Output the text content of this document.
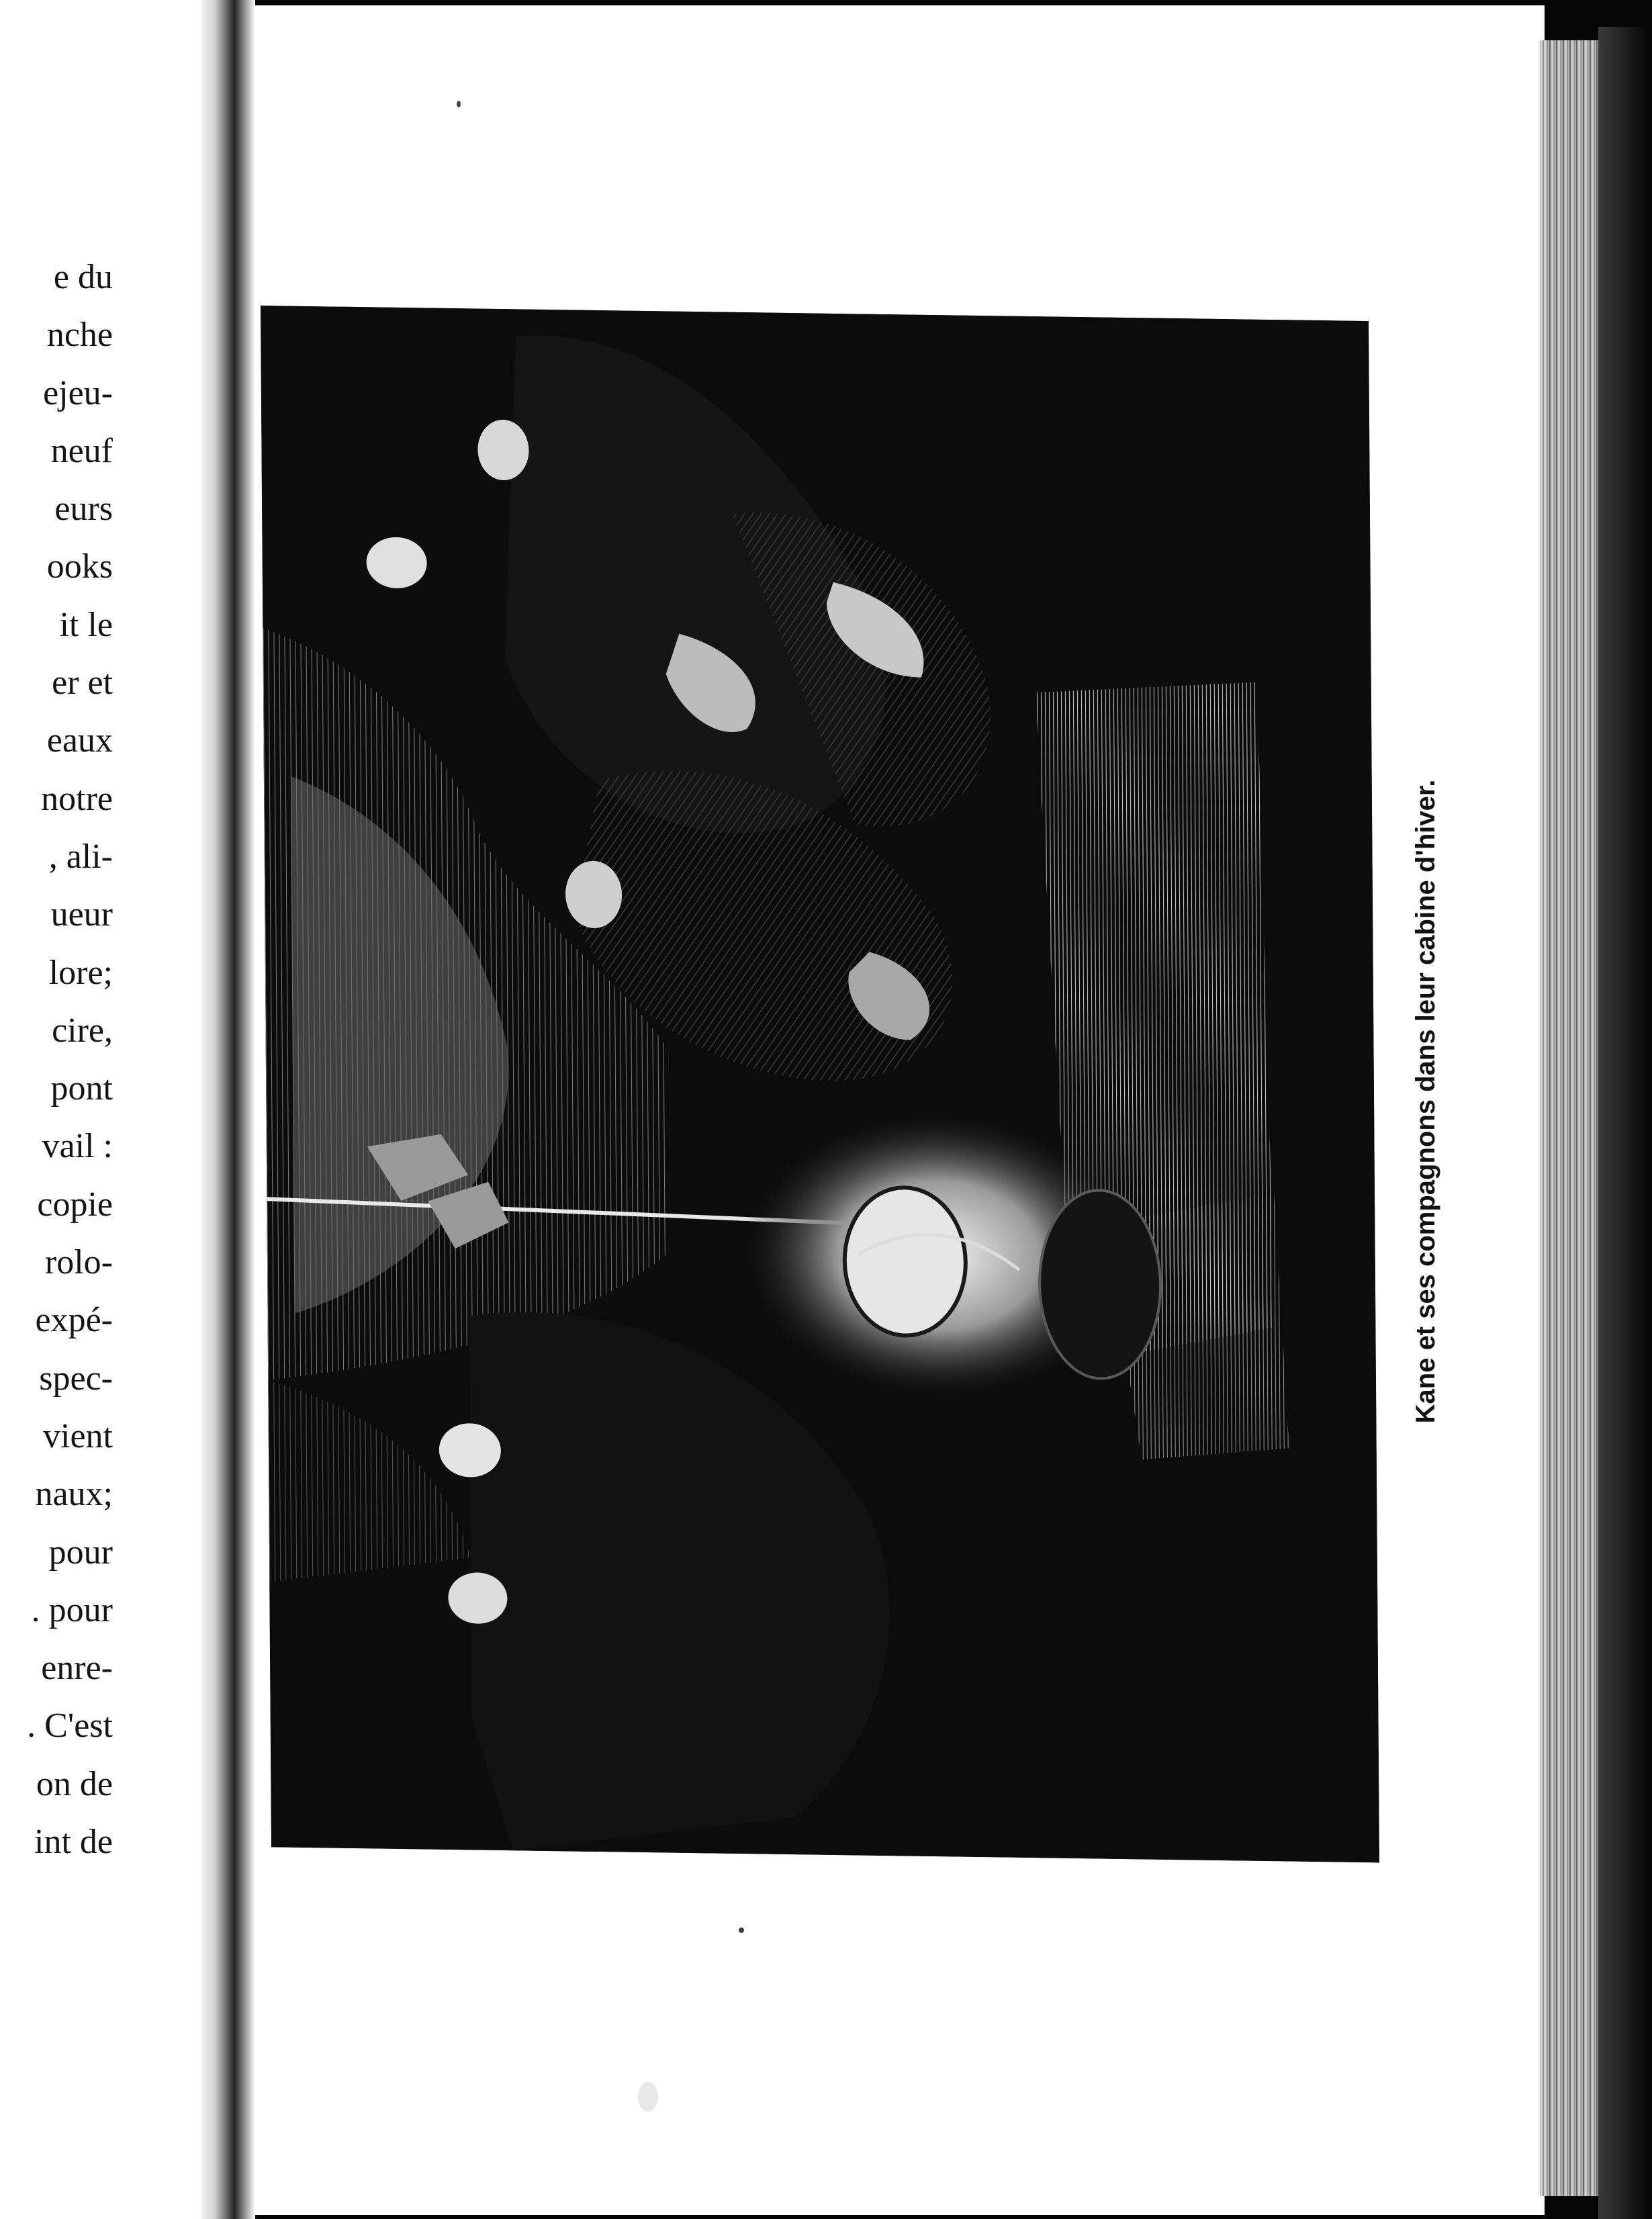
e du
nche
ejeu-
neuf
eurs
ooks
it le
er et
eaux
notre
, ali-
ueur
lore;
cire,
pont
vail :
copie
rolo-
expé-
spec-
vient
naux;
pour
. pour
enre-
. C'est
on de
int de
Kane et ses compagnons dans leur cabine d'hiver.
